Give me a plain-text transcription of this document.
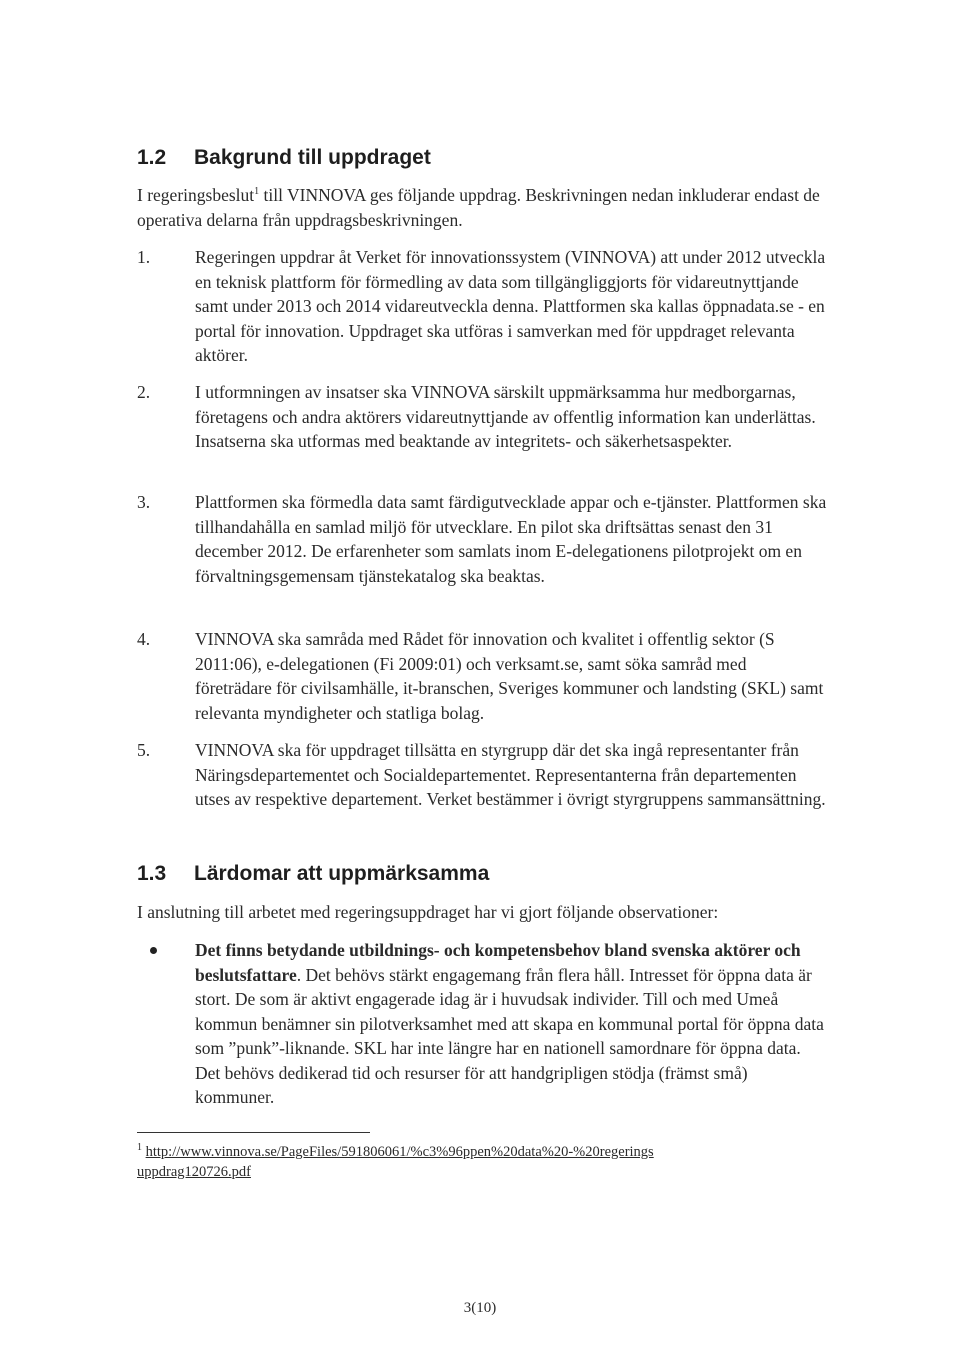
1.2 Bakgrund till uppdraget
I regeringsbeslut$^1$ till VINNOVA ges följande uppdrag. Beskrivningen nedan inkluderar endast de operativa delarna från uppdragsbeskrivningen.
1.	Regeringen uppdrar åt Verket för innovationssystem (VINNOVA) att under 2012 utveckla en teknisk plattform för förmedling av data som tillgängliggjorts för vidareutnyttjande samt under 2013 och 2014 vidareutveckla denna. Plattformen ska kallas öppnadata.se - en portal för innovation. Uppdraget ska utföras i samverkan med för uppdraget relevanta aktörer.
2.	I utformningen av insatser ska VINNOVA särskilt uppmärksamma hur medborgarnas, företagens och andra aktörers vidareutnyttjande av offentlig information kan underlättas. Insatserna ska utformas med beaktande av integritets- och säkerhetsaspekter.
3.	Plattformen ska förmedla data samt färdigutvecklade appar och e-tjänster. Plattformen ska tillhandahålla en samlad miljö för utvecklare. En pilot ska driftsättas senast den 31 december 2012. De erfarenheter som samlats inom E-delegationens pilotprojekt om en förvaltningsgemensam tjänstekatalog ska beaktas.
4.	VINNOVA ska samråda med Rådet för innovation och kvalitet i offentlig sektor (S 2011:06), e-delegationen (Fi 2009:01) och verksamt.se, samt söka samråd med företrädare för civilsamhälle, it-branschen, Sveriges kommuner och landsting (SKL) samt relevanta myndigheter och statliga bolag.
5.	VINNOVA ska för uppdraget tillsätta en styrgrupp där det ska ingå representanter från Näringsdepartementet och Socialdepartementet. Representanterna från departementen utses av respektive departement. Verket bestämmer i övrigt styrgruppens sammansättning.
1.3 Lärdomar att uppmärksamma
I anslutning till arbetet med regeringsuppdraget har vi gjort följande observationer:
Det finns betydande utbildnings- och kompetensbehov bland svenska aktörer och beslutsfattare. Det behövs stärkt engagemang från flera håll. Intresset för öppna data är stort. De som är aktivt engagerade idag är i huvudsak individer. Till och med Umeå kommun benämner sin pilotverksamhet med att skapa en kommunal portal för öppna data som ”punk”-liknande. SKL har inte längre har en nationell samordnare för öppna data. Det behövs dedikerad tid och resurser för att handgripligen stödja (främst små) kommuner.
$^1$ http://www.vinnova.se/PageFiles/591806061/%c3%96ppen%20data%20-%20regeringsuppdrag120726.pdf
3(10)
